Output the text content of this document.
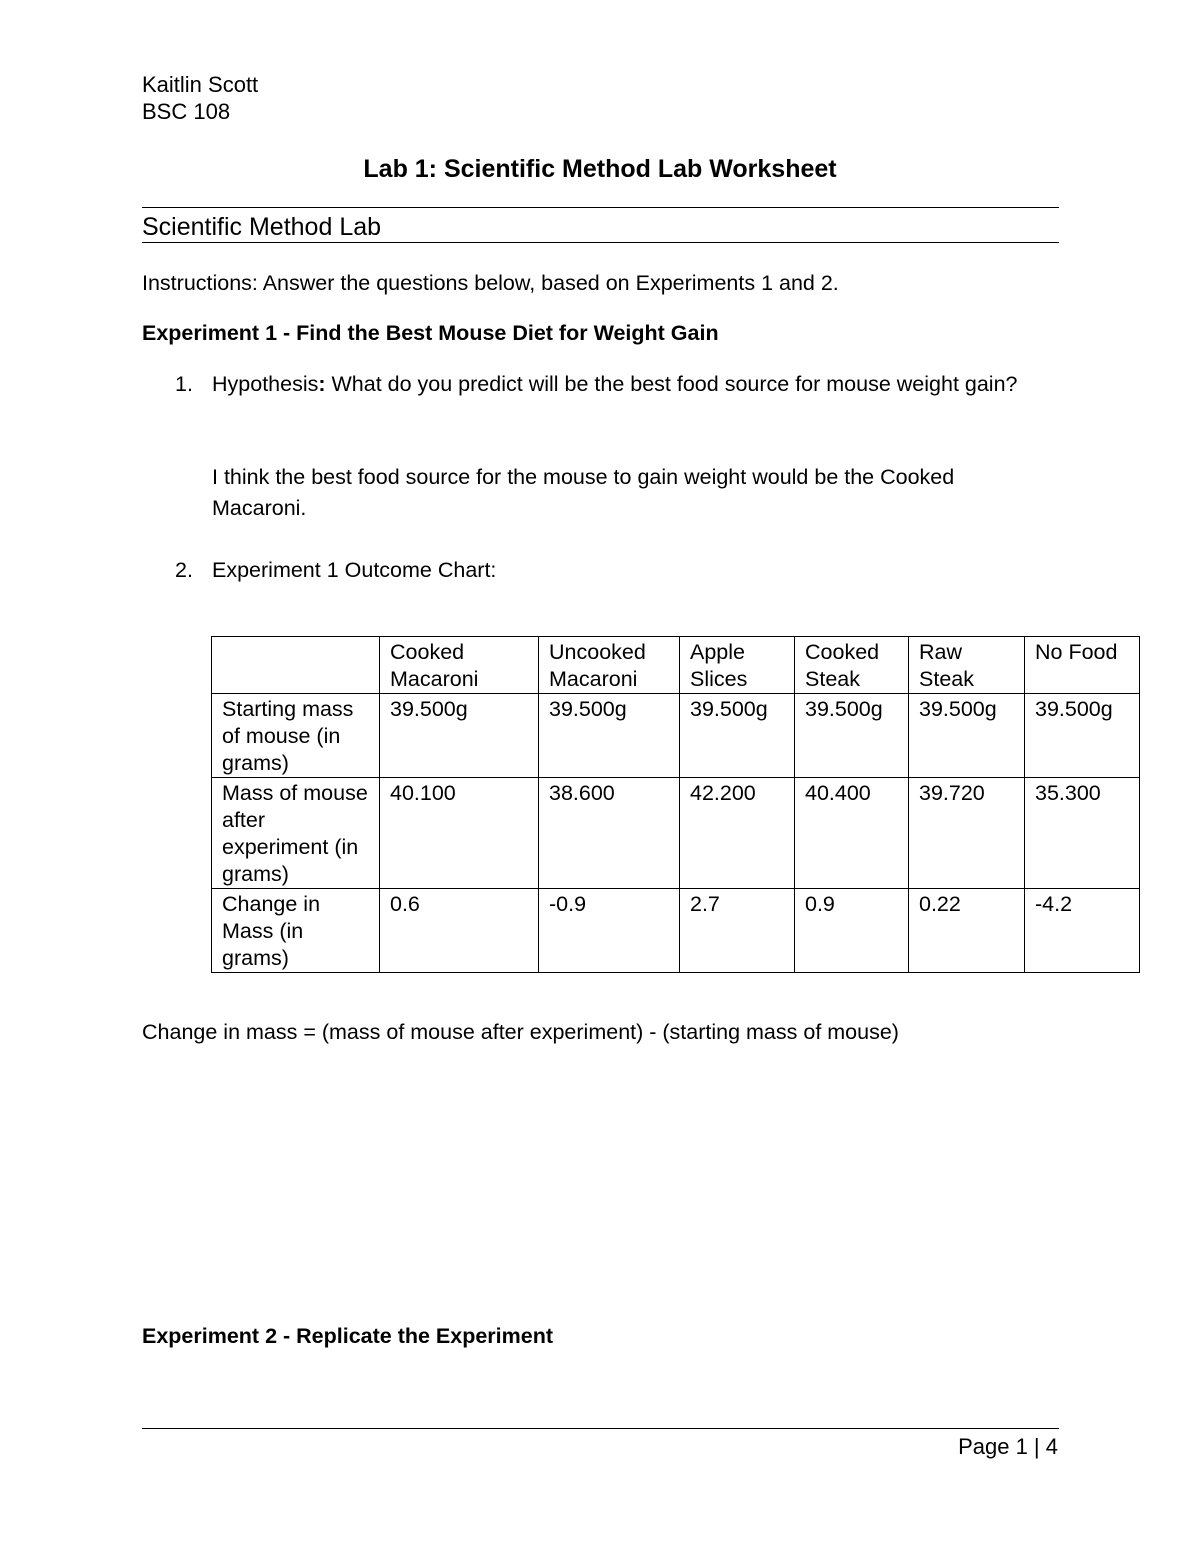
Kaitlin Scott
BSC 108
Lab 1: Scientific Method Lab Worksheet
Scientific Method Lab
Instructions: Answer the questions below, based on Experiments 1 and 2.
Experiment 1 - Find the Best Mouse Diet for Weight Gain
1. Hypothesis: What do you predict will be the best food source for mouse weight gain?
I think the best food source for the mouse to gain weight would be the Cooked Macaroni.
2. Experiment 1 Outcome Chart:
	Cooked Macaroni	Uncooked Macaroni	Apple Slices	Cooked Steak	Raw Steak	No Food
Starting mass of mouse (in grams)	39.500g	39.500g	39.500g	39.500g	39.500g	39.500g
Mass of mouse after experiment (in grams)	40.100	38.600	42.200	40.400	39.720	35.300
Change in Mass (in grams)	0.6	-0.9	2.7	0.9	0.22	-4.2
Change in mass = (mass of mouse after experiment) - (starting mass of mouse)
Experiment 2 - Replicate the Experiment
Page 1 | 4
